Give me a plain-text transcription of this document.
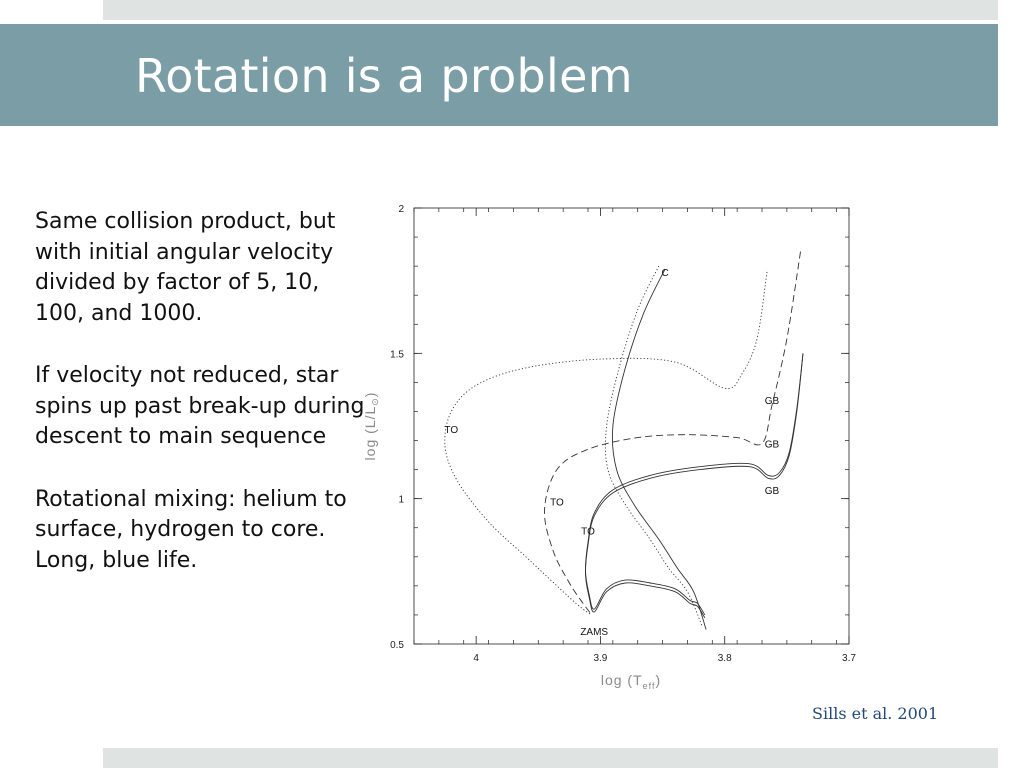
Rotation is a problem

Same collision product, but with initial angular velocity divided by factor of 5, 10, 100, and 1000.

If velocity not reduced, star spins up past break-up during descent to main sequence

Rotational mixing: helium to surface, hydrogen to core. Long, blue life.

4	3.9	3.8	3.7
0.5
1
1.5
2
$\log (T_{eff})$
$\log (L/L_⊙)$
C
TO
TO
TO
ZAMS
GB
GB
GB
Sills et al. 2001
